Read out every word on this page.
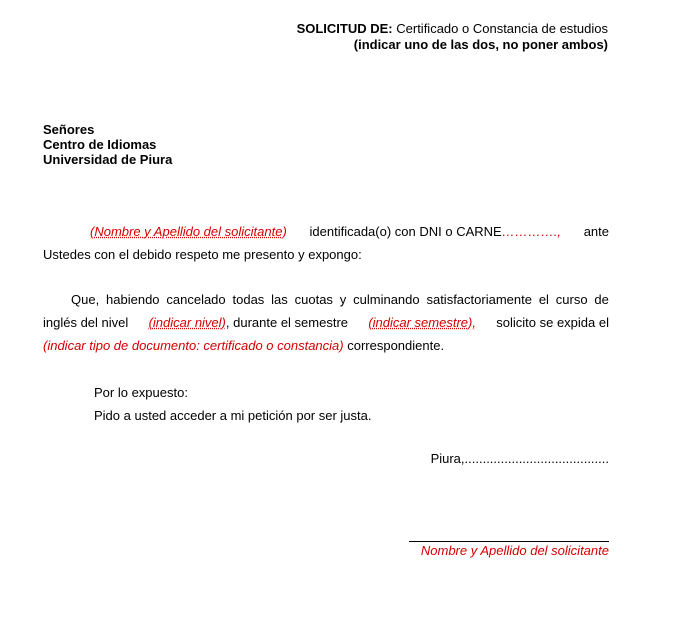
SOLICITUD DE: Certificado o Constancia de estudios
(indicar uno de las dos, no poner ambos)
Señores
Centro de Idiomas
Universidad de Piura
(Nombre y Apellido del solicitante) identificada(o) con DNI o CARNE…………., ante
Ustedes con el debido respeto me presento y expongo:
Que, habiendo cancelado todas las cuotas y culminando satisfactoriamente el curso de
inglés del nivel (indicar nivel), durante el semestre (indicar semestre), solicito se expida el
(indicar tipo de documento: certificado o constancia) correspondiente.
Por lo expuesto:
Pido a usted acceder a mi petición por ser justa.
Piura,........................................
Nombre y Apellido del solicitante
